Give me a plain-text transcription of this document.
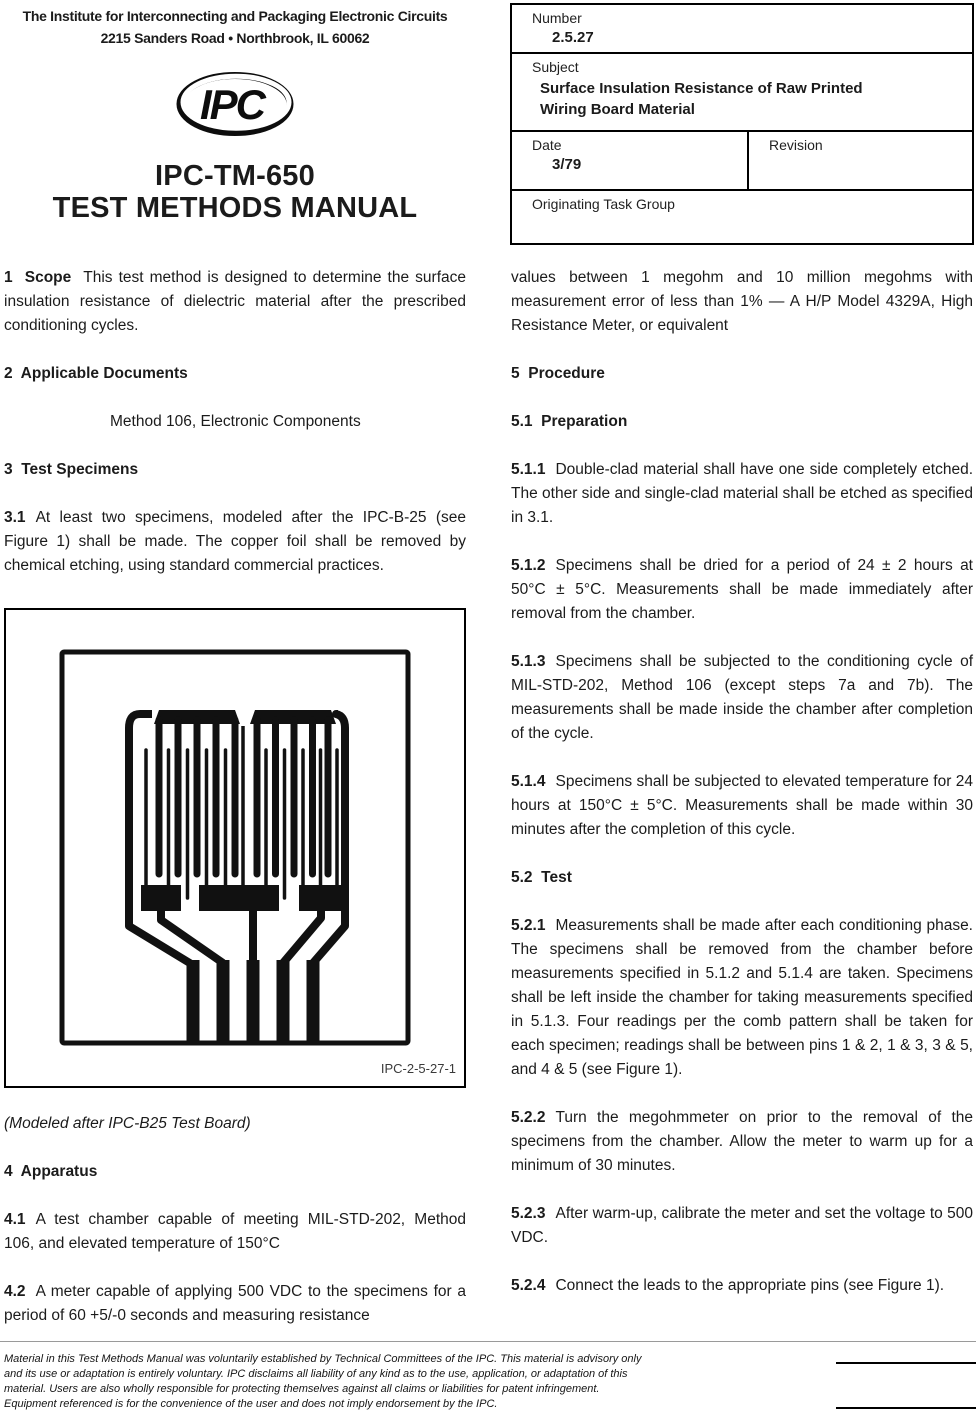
The Institute for Interconnecting and Packaging Electronic Circuits
2215 Sanders Road • Northbrook, IL 60062
IPC
IPC-TM-650
TEST METHODS MANUAL
Number
2.5.27
Subject
Surface Insulation Resistance of Raw Printed
Wiring Board Material
Date
3/79
Revision
Originating Task Group

1  Scope This test method is designed to determine the surface insulation resistance of dielectric material after the prescribed conditioning cycles.

2  Applicable Documents

Method 106, Electronic Components

3  Test Specimens

3.1 At least two specimens, modeled after the IPC-B-25 (see Figure 1) shall be made. The copper foil shall be removed by chemical etching, using standard commercial practices.

IPC-2-5-27-1

(Modeled after IPC-B25 Test Board)

4  Apparatus

4.1 A test chamber capable of meeting MIL-STD-202, Method 106, and elevated temperature of 150°C

4.2 A meter capable of applying 500 VDC to the specimens for a period of 60 +5/-0 seconds and measuring resistance

values between 1 megohm and 10 million megohms with measurement error of less than 1% — A H/P Model 4329A, High Resistance Meter, or equivalent

5  Procedure

5.1  Preparation

5.1.1 Double-clad material shall have one side completely etched. The other side and single-clad material shall be etched as specified in 3.1.

5.1.2 Specimens shall be dried for a period of 24 ± 2 hours at 50°C ± 5°C. Measurements shall be made immediately after removal from the chamber.

5.1.3 Specimens shall be subjected to the conditioning cycle of MIL-STD-202, Method 106 (except steps 7a and 7b). The measurements shall be made inside the chamber after completion of the cycle.

5.1.4 Specimens shall be subjected to elevated temperature for 24 hours at 150°C ± 5°C. Measurements shall be made within 30 minutes after the completion of this cycle.

5.2  Test

5.2.1 Measurements shall be made after each conditioning phase. The specimens shall be removed from the chamber before measurements specified in 5.1.2 and 5.1.4 are taken. Specimens shall be left inside the chamber for taking measurements specified in 5.1.3. Four readings per the comb pattern shall be taken for each specimen; readings shall be between pins 1 & 2, 1 & 3, 3 & 5, and 4 & 5 (see Figure 1).

5.2.2 Turn the megohmmeter on prior to the removal of the specimens from the chamber. Allow the meter to warm up for a minimum of 30 minutes.

5.2.3 After warm-up, calibrate the meter and set the voltage to 500 VDC.

5.2.4 Connect the leads to the appropriate pins (see Figure 1).

Material in this Test Methods Manual was voluntarily established by Technical Committees of the IPC. This material is advisory only
and its use or adaptation is entirely voluntary. IPC disclaims all liability of any kind as to the use, application, or adaptation of this
material. Users are also wholly responsible for protecting themselves against all claims or liabilities for patent infringement.
Equipment referenced is for the convenience of the user and does not imply endorsement by the IPC.
